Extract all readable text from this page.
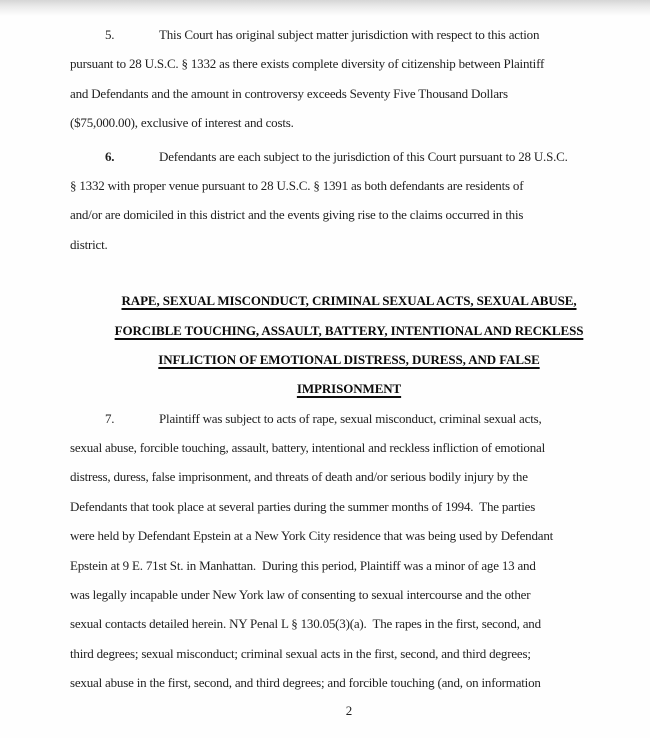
5.	This Court has original subject matter jurisdiction with respect to this action
pursuant to 28 U.S.C. § 1332 as there exists complete diversity of citizenship between Plaintiff
and Defendants and the amount in controversy exceeds Seventy Five Thousand Dollars
($75,000.00), exclusive of interest and costs.
6.	Defendants are each subject to the jurisdiction of this Court pursuant to 28 U.S.C.
§ 1332 with proper venue pursuant to 28 U.S.C. § 1391 as both defendants are residents of
and/or are domiciled in this district and the events giving rise to the claims occurred in this
district.
RAPE, SEXUAL MISCONDUCT, CRIMINAL SEXUAL ACTS, SEXUAL ABUSE,
FORCIBLE TOUCHING, ASSAULT, BATTERY, INTENTIONAL AND RECKLESS
INFLICTION OF EMOTIONAL DISTRESS, DURESS, AND FALSE
IMPRISONMENT
7.	Plaintiff was subject to acts of rape, sexual misconduct, criminal sexual acts,
sexual abuse, forcible touching, assault, battery, intentional and reckless infliction of emotional
distress, duress, false imprisonment, and threats of death and/or serious bodily injury by the
Defendants that took place at several parties during the summer months of 1994.  The parties
were held by Defendant Epstein at a New York City residence that was being used by Defendant
Epstein at 9 E. 71st St. in Manhattan.  During this period, Plaintiff was a minor of age 13 and
was legally incapable under New York law of consenting to sexual intercourse and the other
sexual contacts detailed herein. NY Penal L § 130.05(3)(a).  The rapes in the first, second, and
third degrees; sexual misconduct; criminal sexual acts in the first, second, and third degrees;
sexual abuse in the first, second, and third degrees; and forcible touching (and, on information
2
